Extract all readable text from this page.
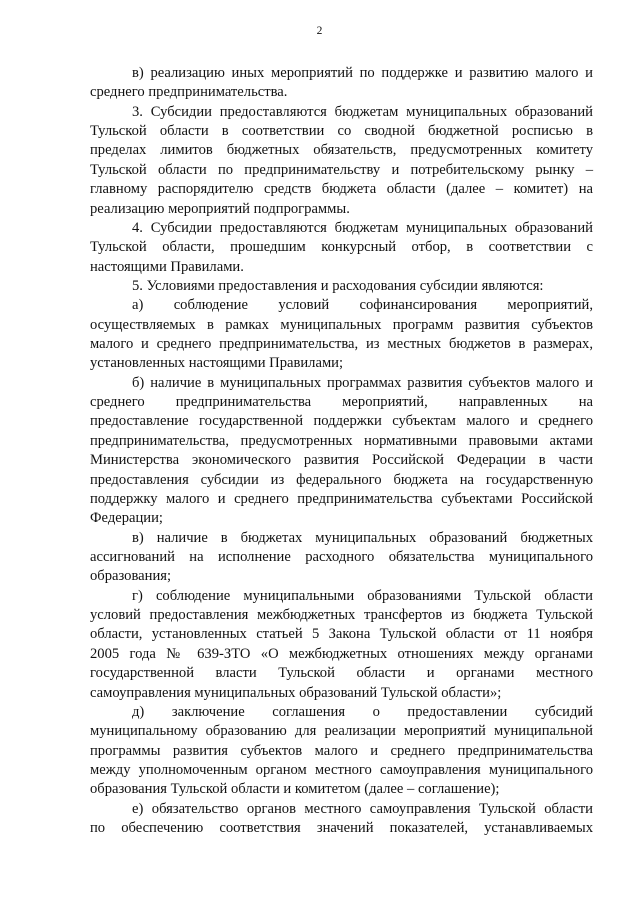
2
в) реализацию иных мероприятий по поддержке и развитию малого и
среднего предпринимательства.
3. Субсидии предоставляются бюджетам муниципальных образований
Тульской области в соответствии со сводной бюджетной росписью в
пределах лимитов бюджетных обязательств, предусмотренных комитету
Тульской области по предпринимательству и потребительскому рынку –
главному распорядителю средств бюджета области (далее – комитет) на
реализацию мероприятий подпрограммы.
4. Субсидии предоставляются бюджетам муниципальных образований
Тульской области, прошедшим конкурсный отбор, в соответствии с
настоящими Правилами.
5. Условиями предоставления и расходования субсидии являются:
а) соблюдение условий софинансирования мероприятий,
осуществляемых в рамках муниципальных программ развития субъектов
малого и среднего предпринимательства, из местных бюджетов в размерах,
установленных настоящими Правилами;
б) наличие в муниципальных программах развития субъектов малого и
среднего предпринимательства мероприятий, направленных на
предоставление государственной поддержки субъектам малого и среднего
предпринимательства, предусмотренных нормативными правовыми актами
Министерства экономического развития Российской Федерации в части
предоставления субсидии из федерального бюджета на государственную
поддержку малого и среднего предпринимательства субъектами Российской
Федерации;
в) наличие в бюджетах муниципальных образований бюджетных
ассигнований на исполнение расходного обязательства муниципального
образования;
г) соблюдение муниципальными образованиями Тульской области
условий предоставления межбюджетных трансфертов из бюджета Тульской
области, установленных статьей 5 Закона Тульской области от 11 ноября
2005 года № 639-ЗТО «О межбюджетных отношениях между органами
государственной власти Тульской области и органами местного
самоуправления муниципальных образований Тульской области»;
д) заключение соглашения о предоставлении субсидий
муниципальному образованию для реализации мероприятий муниципальной
программы развития субъектов малого и среднего предпринимательства
между уполномоченным органом местного самоуправления муниципального
образования Тульской области и комитетом (далее – соглашение);
е) обязательство органов местного самоуправления Тульской области
по обеспечению соответствия значений показателей, устанавливаемых
